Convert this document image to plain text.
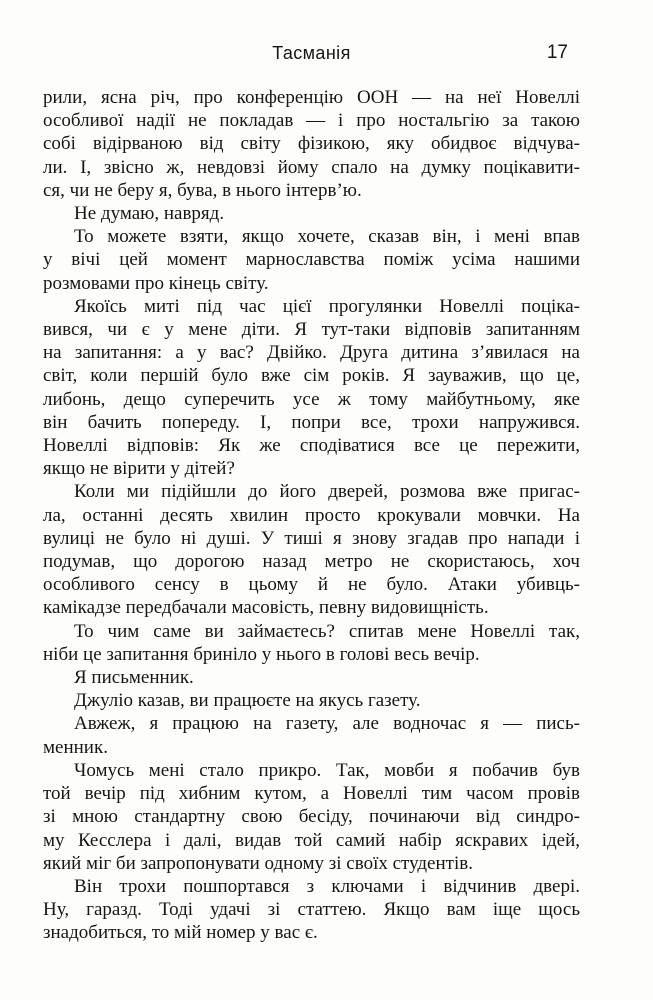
Тасманія	17
рили, ясна річ, про конференцію ООН — на неї Новеллі
особливої надії не покладав — і про ностальгію за такою
собі відірваною від світу фізикою, яку обидвоє відчува-
ли. І, звісно ж, невдовзі йому спало на думку поцікавити-
ся, чи не беру я, бува, в нього інтерв’ю.
Не думаю, навряд.
То можете взяти, якщо хочете, сказав він, і мені впав
у вічі цей момент марнославства поміж усіма нашими
розмовами про кінець світу.
Якоїсь миті під час цієї прогулянки Новеллі поціка-
вився, чи є у мене діти. Я тут-таки відповів запитанням
на запитання: а у вас? Двійко. Друга дитина з’явилася на
світ, коли першій було вже сім років. Я зауважив, що це,
либонь, дещо суперечить усе ж тому майбутньому, яке
він бачить попереду. І, попри все, трохи напружився.
Новеллі відповів: Як же сподіватися все це пережити,
якщо не вірити у дітей?
Коли ми підійшли до його дверей, розмова вже пригас-
ла, останні десять хвилин просто крокували мовчки. На
вулиці не було ні душі. У тиші я знову згадав про напади і
подумав, що дорогою назад метро не скористаюсь, хоч
особливого сенсу в цьому й не було. Атаки убивць-
камікадзе передбачали масовість, певну видовищність.
То чим саме ви займаєтесь? спитав мене Новеллі так,
ніби це запитання бриніло у нього в голові весь вечір.
Я письменник.
Джуліо казав, ви працюєте на якусь газету.
Авжеж, я працюю на газету, але водночас я — пись-
менник.
Чомусь мені стало прикро. Так, мовби я побачив був
той вечір під хибним кутом, а Новеллі тим часом провів
зі мною стандартну свою бесіду, починаючи від синдро-
му Кесслера і далі, видав той самий набір яскравих ідей,
який міг би запропонувати одному зі своїх студентів.
Він трохи пошпортався з ключами і відчинив двері.
Ну, гаразд. Тоді удачі зі статтею. Якщо вам іще щось
знадобиться, то мій номер у вас є.
